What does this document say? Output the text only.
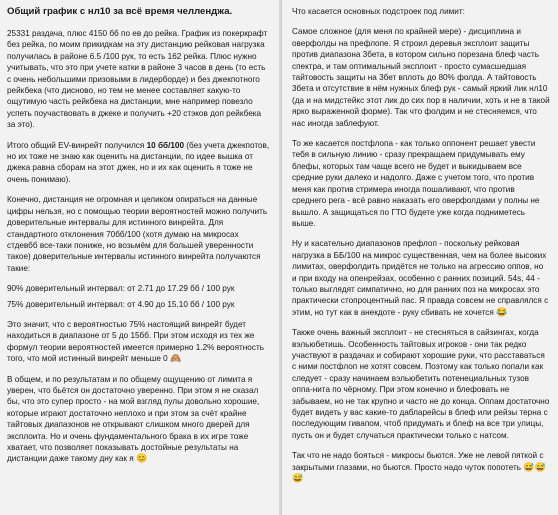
Общий график с нл10 за всё время челленджа.
25331 раздача, плюс 4150 бб по ев до рейка. График из покеркрафт без рейка, по моим прикидкам на эту дистанцию рейковая нагрузка получилась в районе 6.5 /100 рук, то есть 162 рейка. Плюс нужно учитывать, что это при учете катки в районе 3 часов в день (то есть с очень небольшими призовыми в лидерборде) и без джекпотного рейкбека (что дисново, но тем не менее составляет какую-то ощутимую часть рейкбека на дистанции, мне например повезло успеть поучаствовать в джеке и получить +20 стэков доп рейкбека за это).
Итого общий EV-винрейт получился 10 бб/100 (без учета джекпотов, но их тоже не знаю как оценить на дистанции, по идее вышка от джека равна сборам на этот джек, но и их как оценить я тоже не очень понимаю).
Конечно, дистанция не огромная и целиком опираться на данные цифры нельзя, но с помощью теории вероятностей можно получить доверительные интервалы для истинного винрейта. Для стандартного отклонения 70бб/100 (хотя думаю на микросах стдевбб все-таки пониже, но возьмём для большей уверенности такое) доверительные интервалы истинного винрейта получаются такие:
90% доверительный интервал: от 2.71 до 17.29 бб / 100 рук
75% доверительный интервал: от 4.90 до 15.10 бб / 100 рук
Это значит, что с вероятностью 75% настоящий винрейт будет находиться в диапазоне от 5 до 15бб. При этом исходя из тех же формул теории вероятностей имеется примерно 1.2% вероятность того, что мой истинный винрейт меньше 0 🙈
В общем, и по результатам и по общему ощущению от лимита я уверен, что бьётся он достаточно уверенно. При этом я не сказал бы, что это супер просто - на мой взгляд пулы довольно хорошие, которые играют достаточно неплохо и при этом за счёт крайне тайтовых диапазонов не открывают слишком много дверей для эксплоита. Но и очень фундаментального брака в их игре тоже хватает, что позволяет показывать достойные результаты на дистанции даже такому дну как я 😊
Что касается основных подстроек под лимит:
Самое сложное (для меня по крайней мере) - дисциплина и оверфолды на префлопе. Я строил деревья эксплоит защиты против диапазона 3бета, в котором сильно порезана блеф часть спектра, и там оптимальный эксплоит - просто сумасшедшая тайтовость защиты на 3бет вплоть до 80% фолда. А тайтовость 3бета и отсутствие в нём нужных блеф рук - самый яркий лик нл10 (да и на мидстейкс этот лик до сих пор в наличии, хоть и не в такой ярко выраженной форме). Так что фолдим и не стесняемся, что нас иногда заблефуют.
То же касается постфлопа - как только оппонент решает увести тебя в сильную линию - сразу прекращаем придумывать ему блефы, которых там чаще всего не будет и выкидываем все средние руки далеко и надолго. Даже с учетом того, что против меня как против стримера иногда пошаливают, что против среднего рега - всё равно наказать его оверфолдами у полны не вышло. А защищаться по ГТО будете уже когда подниметесь выше.
Ну и касательно диапазонов префлоп - поскольку рейковая нагрузка в ББ/100 на микрос существенная, чем на более высоких лимитах, оверфолдить придётся не только на агрессию оппов, но и при входу на опенрейзах, особенно с ранних позиций. 54s, 44 - только выглядят симпатично, но для ранних поз на микросах это практически стопроцентный пас. Я правда совсем не справлялся с этим, но тут как в анекдоте - руку сбивать не хочется 😂
Также очень важный эксплоит - не стесняться в сайзингах, когда вэльюбетишь. Особенность тайтовых игроков - они так редко участвуют в раздачах и собирают хорошие руки, что расставаться с ними постфлоп не хотят совсем. Поэтому как только попали как следует - сразу начинаем вэльюбетить потенециальных тузов оппа-нита по чёрному. При этом конечно и блефовать не забываем, но не так крупно и часто не до конца. Оппам достаточно будет видеть у вас какие-то дабларейсы в блеф или рейзы терна с последующим гивапом, чтоб придумать и блеф на все три улицы, пусть он и будет случаться практически только с натсом.
Так что не надо бояться - микросы бьются. Уже не левой пяткой с закрытыми глазами, но бьются. Просто надо чуток попотеть 😅😅😅
